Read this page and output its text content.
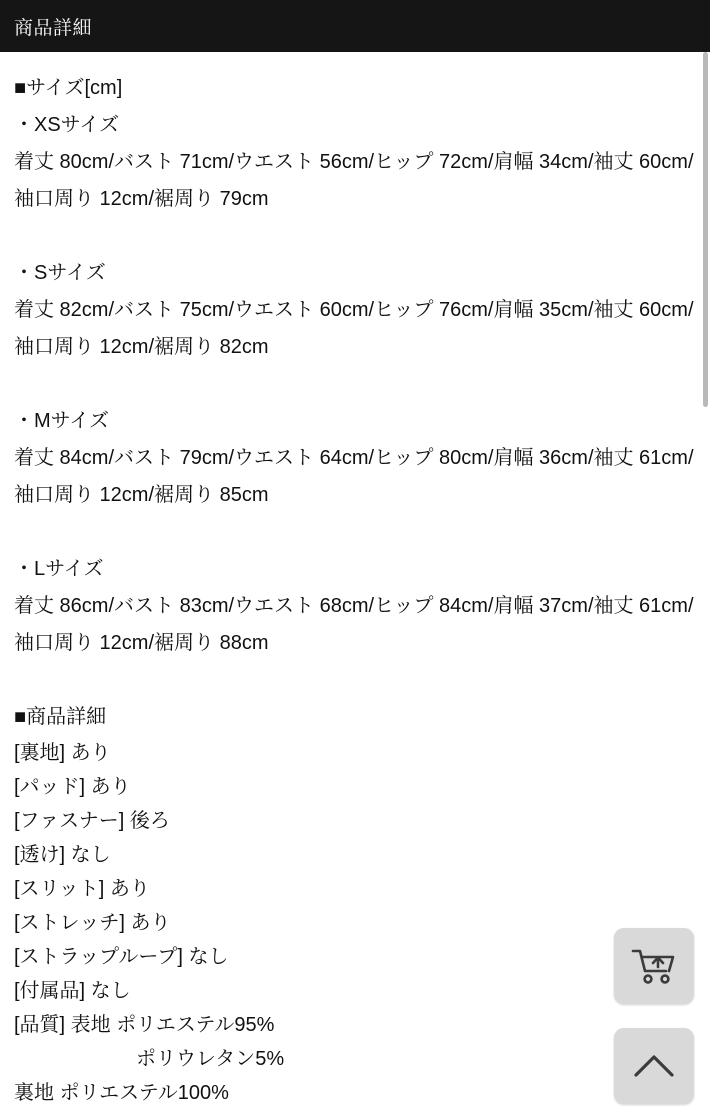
商品詳細
■サイズ[cm]
・XSサイズ
着丈 80cm/バスト 71cm/ウエスト 56cm/ヒップ 72cm/肩幅 34cm/袖丈 60cm/袖口周り 12cm/裾周り 79cm
・Sサイズ
着丈 82cm/バスト 75cm/ウエスト 60cm/ヒップ 76cm/肩幅 35cm/袖丈 60cm/袖口周り 12cm/裾周り 82cm
・Mサイズ
着丈 84cm/バスト 79cm/ウエスト 64cm/ヒップ 80cm/肩幅 36cm/袖丈 61cm/袖口周り 12cm/裾周り 85cm
・Lサイズ
着丈 86cm/バスト 83cm/ウエスト 68cm/ヒップ 84cm/肩幅 37cm/袖丈 61cm/袖口周り 12cm/裾周り 88cm
■商品詳細
[裏地] あり
[パッド] あり
[ファスナー] 後ろ
[透け] なし
[スリット] あり
[ストレッチ] あり
[ストラップループ] なし
[付属品] なし
[品質] 表地 ポリエステル95%
ポリウレタン5%
裏地 ポリエステル100%
